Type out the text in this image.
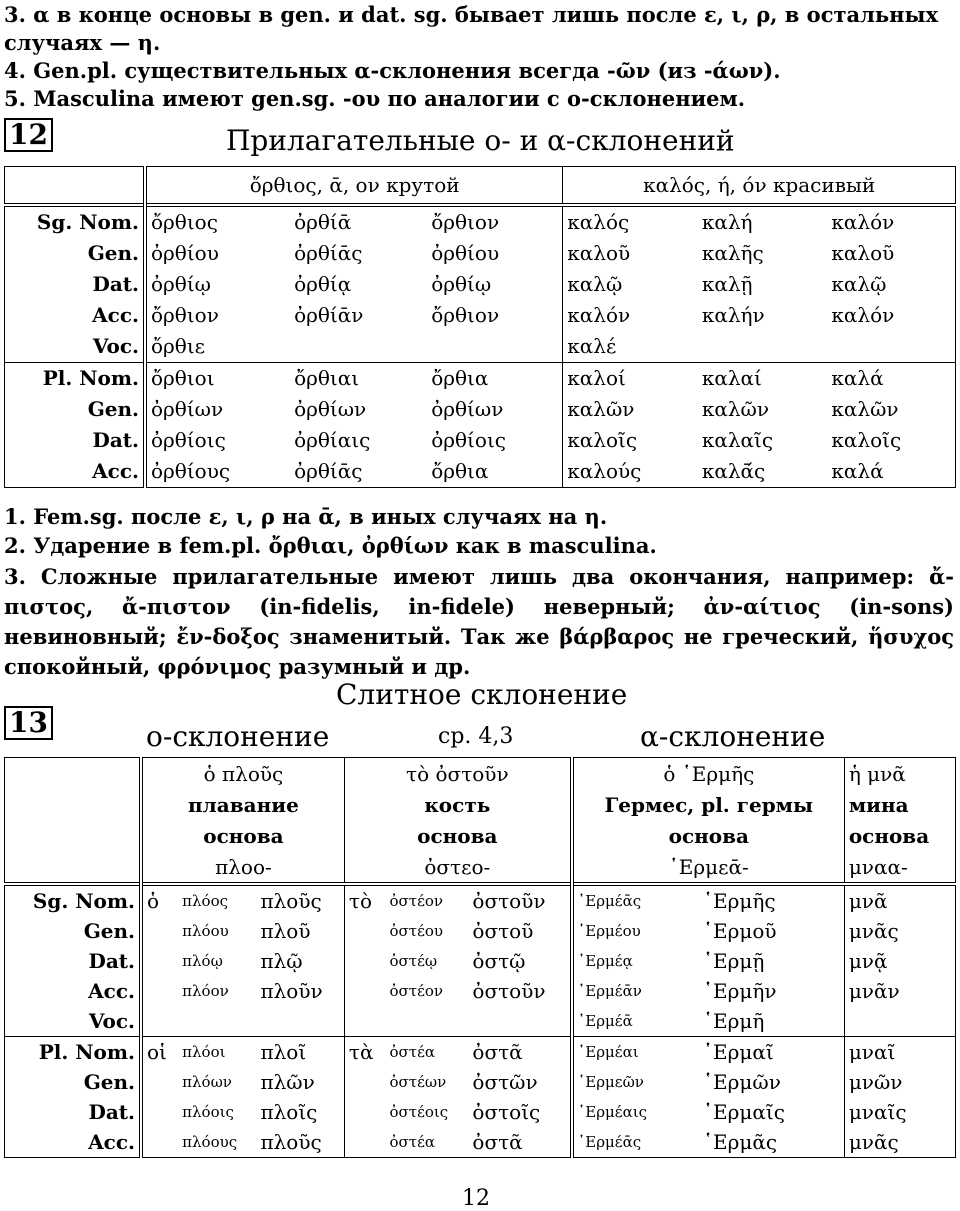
3. α в конце основы в gen. и dat. sg. бывает лишь после ε, ι, ρ, в остальных
случаях — η.
4. Gen.pl. существительных α-склонения всегда -ῶν (из -άων).
5. Masculina имеют gen.sg. -ου по аналогии с ο-склонением.
12	Прилагательные ο- и α-склонений
	ὄρθιος, ᾱ, ον крутой			καλός, ή, όν красивый		
Sg. Nom.	ὄρθιος	ὀρθίᾱ	ὄρθιον	καλός	καλή	καλόν
Gen.	ὀρθίου	ὀρθίᾱς	ὀρθίου	καλοῦ	καλῆς	καλοῦ
Dat.	ὀρθίῳ	ὀρθίᾳ	ὀρθίῳ	καλῷ	καλῇ	καλῷ
Acc.	ὄρθιον	ὀρθίᾱν	ὄρθιον	καλόν	καλήν	καλόν
Voc.	ὄρθιε			καλέ		
Pl. Nom.	ὄρθιοι	ὄρθιαι	ὄρθια	καλοί	καλαί	καλά
Gen.	ὀρθίων	ὀρθίων	ὀρθίων	καλῶν	καλῶν	καλῶν
Dat.	ὀρθίοις	ὀρθίαις	ὀρθίοις	καλοῖς	καλαῖς	καλοῖς
Acc.	ὀρθίους	ὀρθίᾱς	ὄρθια	καλούς	καλᾱ́ς	καλά
1. Fem.sg. после ε, ι, ρ на ᾱ, в иных случаях на η.
2. Ударение в fem.pl. ὄρθιαι, ὀρθίων как в masculina.
3. Сложные прилагательные имеют лишь два окончания, например: ἄ-πιστος, ἄ-πιστον (in-fidelis, in-fidele) неверный; ἀν-αίτιος (in-sons) невиновный; ἔν-δοξος знаменитый. Так же βάρβαρος не греческий, ἥσυχος спокойный, φρόνιμος разумный и др.
Слитное склонение
13	ο-склонение	ср. 4,3	α-склонение
	ὁ πλοῦς			τὸ ὀστοῦν			ὁ ῾Ερμῆς		ἡ μνᾶ
	плавание			кость			Гермес, pl. гермы		мина
	основа			основа			основа		основа
	πλοο-			ὀστεο-			῾Ερμεᾱ-		μναα-
Sg. Nom.	ὁ	πλόος	πλοῦς	τὸ	ὀστέον	ὀστοῦν	῾Ερμέᾱς	῾Ερμῆς	μνᾶ
Gen.		πλόου	πλοῦ		ὀστέου	ὀστοῦ	῾Ερμέου	῾Ερμοῦ	μνᾶς
Dat.		πλόῳ	πλῷ		ὀστέῳ	ὀστῷ	῾Ερμέᾳ	῾Ερμῇ	μνᾷ
Acc.		πλόον	πλοῦν		ὀστέον	ὀστοῦν	῾Ερμέᾱν	῾Ερμῆν	μνᾶν
Voc.							῾Ερμέᾱ	῾Ερμῆ	
Pl. Nom.	οἱ	πλόοι	πλοῖ	τὰ	ὀστέα	ὀστᾶ	῾Ερμέαι	῾Ερμαῖ	μναῖ
Gen.		πλόων	πλῶν		ὀστέων	ὀστῶν	῾Ερμεῶν	῾Ερμῶν	μνῶν
Dat.		πλόοις	πλοῖς		ὀστέοις	ὀστοῖς	῾Ερμέαις	῾Ερμαῖς	μναῖς
Acc.		πλόους	πλοῦς		ὀστέα	ὀστᾶ	῾Ερμέᾱς	῾Ερμᾶς	μνᾶς
12
